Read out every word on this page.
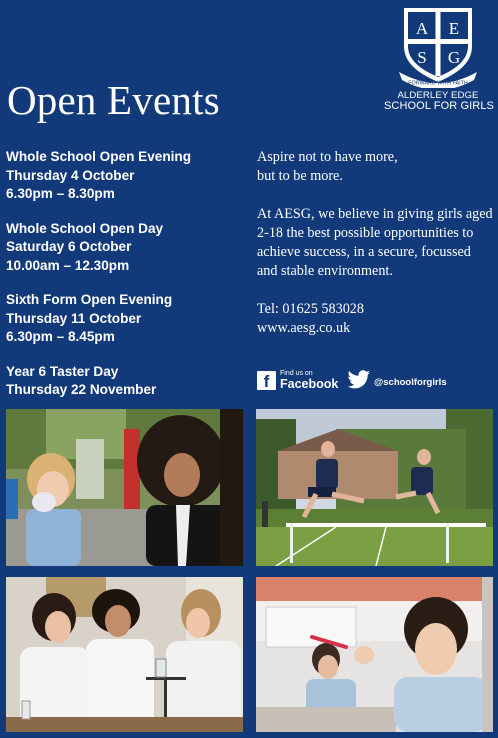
Open Events
A E
S G
FORWARD WITH FAITH
ALDERLEY EDGE
SCHOOL FOR GIRLS
Whole School Open Evening
Thursday 4 October
6.30pm – 8.30pm
Whole School Open Day
Saturday 6 October
10.00am – 12.30pm
Sixth Form Open Evening
Thursday 11 October
6.30pm – 8.45pm
Year 6 Taster Day
Thursday 22 November

Aspire not to have more,
but to be more.

At AESG, we believe in giving girls aged 2-18 the best possible opportunities to achieve success, in a secure, focussed and stable environment.

Tel: 01625 583028
www.aesg.co.uk
f	Find us on
Facebook	@schoolforgirls
